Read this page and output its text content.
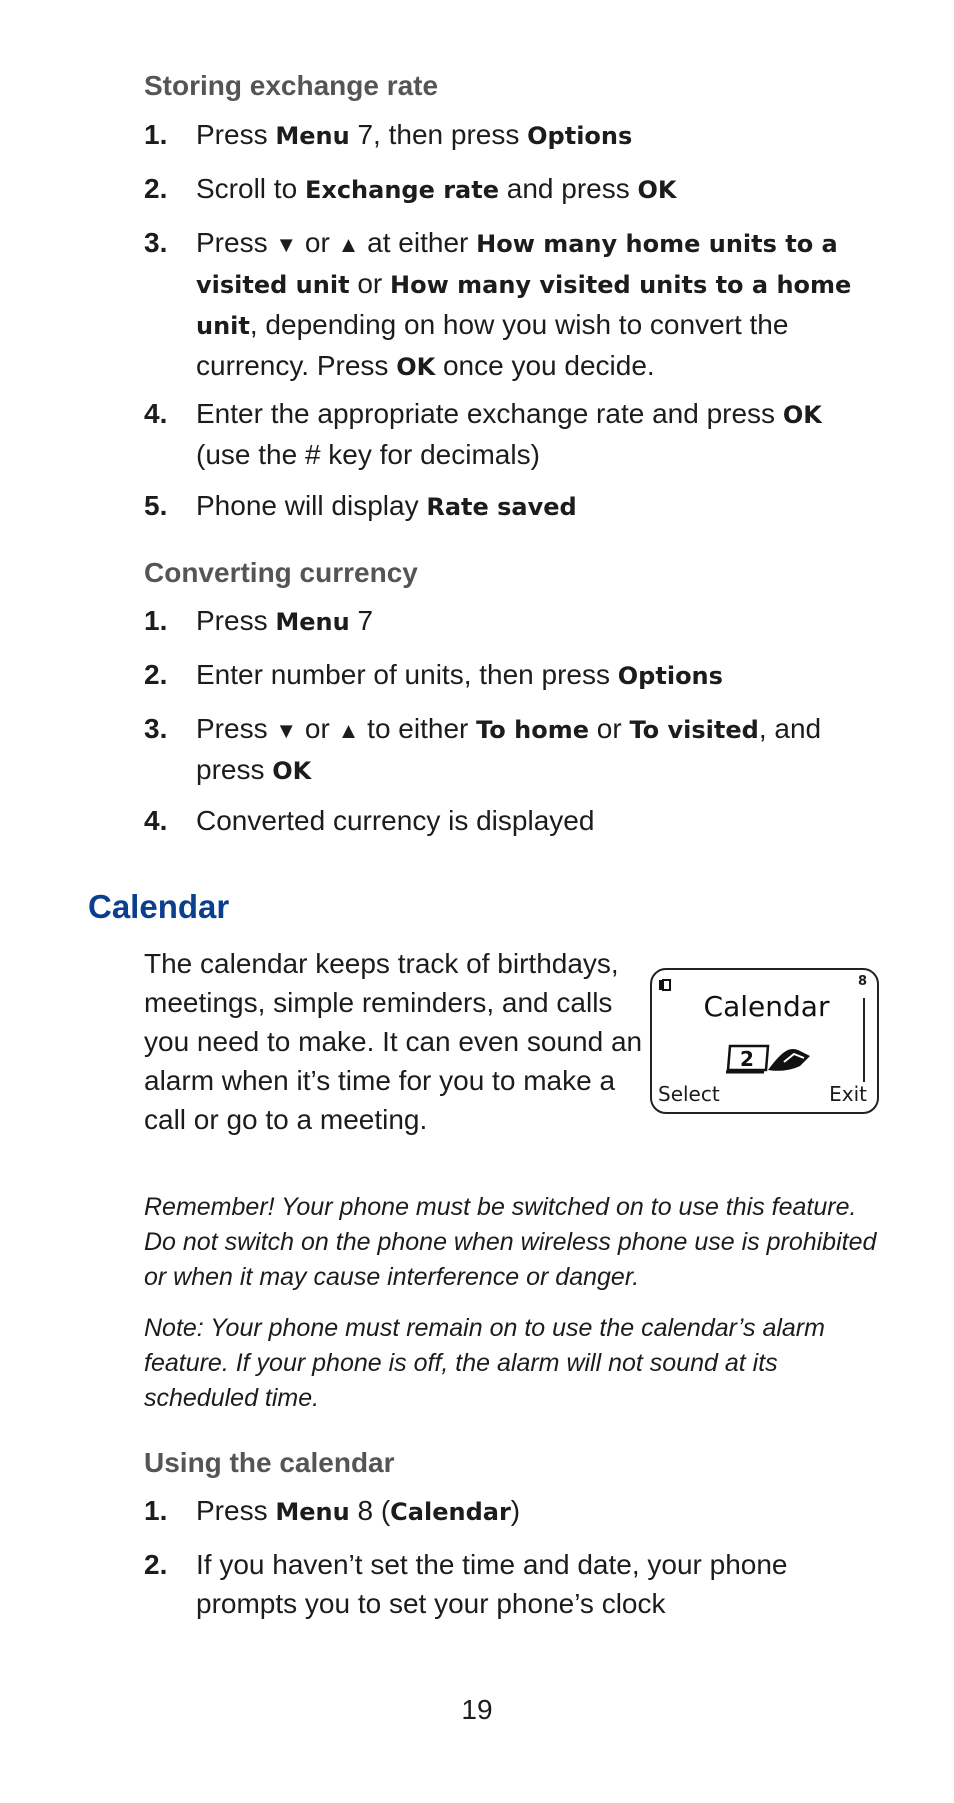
Storing exchange rate
1.	Press Menu 7, then press Options
2.	Scroll to Exchange rate and press OK
3.	Press ▼ or ▲ at either How many home units to a visited unit or How many visited units to a home unit, depending on how you wish to convert the currency. Press OK once you decide.
4.	Enter the appropriate exchange rate and press OK (use the # key for decimals)
5.	Phone will display Rate saved
Converting currency
1.	Press Menu 7
2.	Enter number of units, then press Options
3.	Press ▼ or ▲ to either To home or To visited, and press OK
4.	Converted currency is displayed
Calendar

The calendar keeps track of birthdays, meetings, simple reminders, and calls you need to make. It can even sound an alarm when it’s time for you to make a call or go to a meeting.

8
Calendar
2
Select	Exit

Remember! Your phone must be switched on to use this feature. Do not switch on the phone when wireless phone use is prohibited or when it may cause interference or danger.

Note: Your phone must remain on to use the calendar’s alarm feature. If your phone is off, the alarm will not sound at its scheduled time.

Using the calendar
1.	Press Menu 8 (Calendar)
2.	If you haven’t set the time and date, your phone prompts you to set your phone’s clock
19
